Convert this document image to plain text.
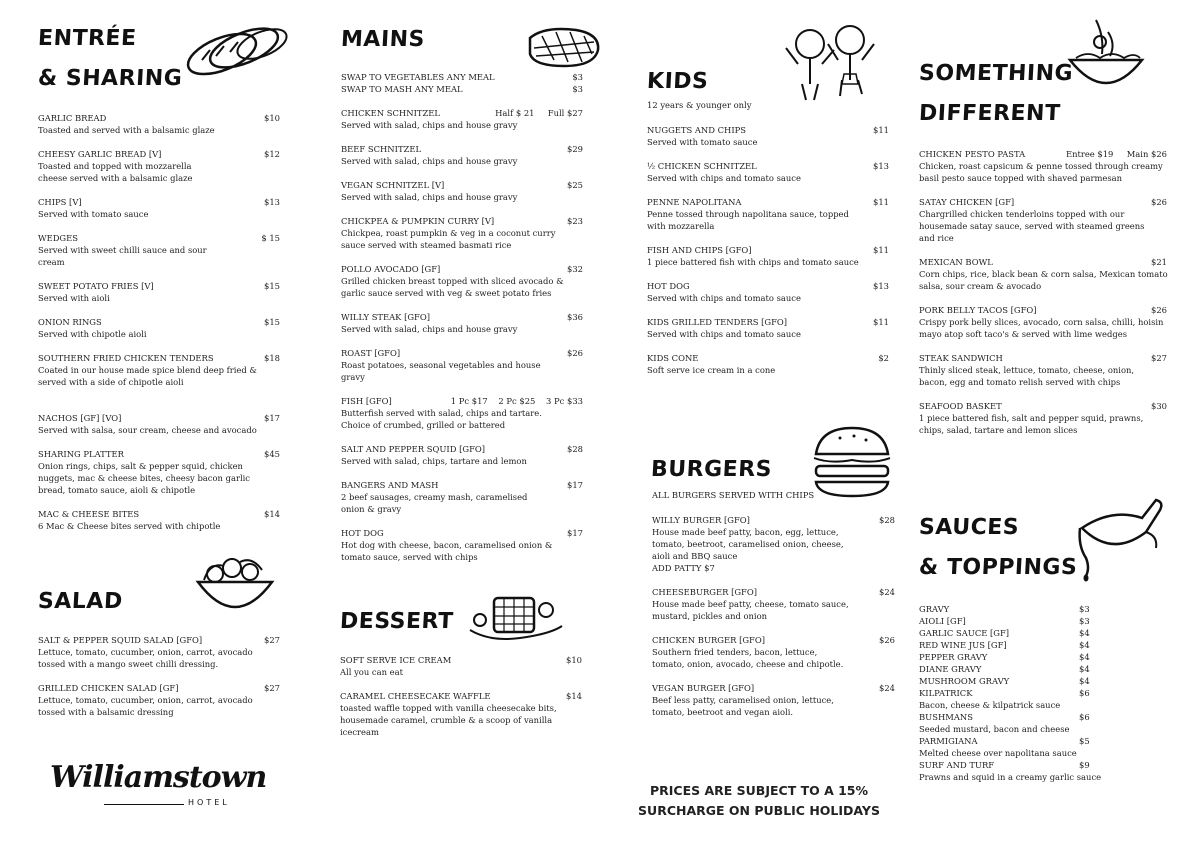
ENTRÉE
& SHARING
GARLIC BREAD	$10
Toasted and served with a balsamic glaze
CHEESY GARLIC BREAD [V]	$12
Toasted and topped with mozzarella cheese served with a balsamic glaze
CHIPS [V]	$13
Served with tomato sauce
WEDGES	$ 15
Served with sweet chilli sauce and sour cream
SWEET POTATO FRIES [V]	$15
Served with aioli
ONION RINGS	$15
Served with chipotle aioli
SOUTHERN FRIED CHICKEN TENDERS	$18
Coated in our house made spice blend deep fried & served with a side of chipotle aioli
NACHOS [GF] [VO]	$17
Served with salsa, sour cream, cheese and avocado
SHARING PLATTER	$45
Onion rings, chips, salt & pepper squid, chicken nuggets, mac & cheese bites, cheesy bacon garlic bread, tomato sauce, aioli & chipotle
MAC & CHEESE BITES	$14
6 Mac & Cheese bites served with chipotle
SALAD
SALT & PEPPER SQUID SALAD [GFO]	$27
Lettuce, tomato, cucumber, onion, carrot, avocado tossed with a mango sweet chilli dressing.
GRILLED CHICKEN SALAD [GF]	$27
Lettuce, tomato, cucumber, onion, carrot, avocado tossed with a balsamic dressing
Williamstown
HOTEL
MAINS
SWAP TO VEGETABLES ANY MEAL	$3
SWAP TO MASH ANY MEAL	$3
CHICKEN SCHNITZEL	Half $ 21     Full $27
Served with salad, chips and house gravy
BEEF SCHNITZEL	$29
Served with salad, chips and house gravy
VEGAN SCHNITZEL [V]	$25
Served with salad, chips and house gravy
CHICKPEA & PUMPKIN CURRY [V]	$23
Chickpea, roast pumpkin & veg in a coconut curry sauce served with steamed basmati rice
POLLO AVOCADO [GF]	$32
Grilled chicken breast topped with sliced avocado & garlic sauce served with veg & sweet potato fries
WILLY STEAK [GFO]	$36
Served with salad, chips and house gravy
ROAST [GFO]	$26
Roast potatoes, seasonal vegetables and house gravy
FISH [GFO]	1 Pc $17    2 Pc $25    3 Pc $33
Butterfish served with salad, chips and tartare. Choice of crumbed, grilled or battered
SALT AND PEPPER SQUID [GFO]	$28
Served with salad, chips, tartare and lemon
BANGERS AND MASH	$17
2 beef sausages, creamy mash, caramelised onion & gravy
HOT DOG	$17
Hot dog with cheese, bacon, caramelised onion & tomato sauce, served with chips
DESSERT
SOFT SERVE ICE CREAM	$10
All you can eat
CARAMEL CHEESECAKE WAFFLE	$14
toasted waffle topped with vanilla cheesecake bits, housemade caramel, crumble & a scoop of vanilla icecream
KIDS
12 years & younger only
NUGGETS AND CHIPS	$11
Served with tomato sauce
½ CHICKEN SCHNITZEL	$13
Served with chips and tomato sauce
PENNE NAPOLITANA	$11
Penne tossed through napolitana sauce, topped with mozzarella
FISH AND CHIPS [GFO]	$11
1 piece battered fish with chips and tomato sauce
HOT DOG	$13
Served with chips and tomato sauce
KIDS GRILLED TENDERS [GFO]	$11
Served with chips and tomato sauce
KIDS CONE	$2
Soft serve ice cream in a cone
BURGERS
ALL BURGERS SERVED WITH CHIPS
WILLY BURGER [GFO]	$28
House made beef patty, bacon, egg, lettuce, tomato, beetroot, caramelised onion, cheese, aioli and BBQ sauce
ADD PATTY $7
CHEESEBURGER [GFO]	$24
House made beef patty, cheese, tomato sauce, mustard, pickles and onion
CHICKEN BURGER [GFO]	$26
Southern fried tenders, bacon, lettuce, tomato, onion, avocado, cheese and chipotle.
VEGAN BURGER [GFO]	$24
Beef less patty, caramelised onion, lettuce, tomato, beetroot and vegan aioli.
PRICES ARE SUBJECT TO A 15%
SURCHARGE ON PUBLIC HOLIDAYS
SOMETHING
DIFFERENT
CHICKEN PESTO PASTA	Entree $19     Main $26
Chicken, roast capsicum & penne tossed through creamy basil pesto sauce topped with shaved parmesan
SATAY CHICKEN [GF]	$26
Chargrilled chicken tenderloins topped with our housemade satay sauce, served with steamed greens and rice
MEXICAN BOWL	$21
Corn chips, rice, black bean & corn salsa, Mexican tomato salsa, sour cream & avocado
PORK BELLY TACOS [GFO]	$26
Crispy pork belly slices, avocado, corn salsa, chilli, hoisin mayo atop soft taco's & served with lime wedges
STEAK SANDWICH	$27
Thinly sliced steak, lettuce, tomato, cheese, onion, bacon, egg and tomato relish served with chips
SEAFOOD BASKET	$30
1 piece battered fish, salt and pepper squid, prawns, chips, salad, tartare and lemon slices
SAUCES
& TOPPINGS
GRAVY	$3
AIOLI [GF]	$3
GARLIC SAUCE [GF]	$4
RED WINE JUS [GF]	$4
PEPPER GRAVY	$4
DIANE GRAVY	$4
MUSHROOM GRAVY	$4
KILPATRICK	$6
Bacon, cheese & kilpatrick sauce
BUSHMANS	$6
Seeded mustard, bacon and cheese
PARMIGIANA	$5
Melted cheese over napolitana sauce
SURF AND TURF	$9
Prawns and squid in a creamy garlic sauce
